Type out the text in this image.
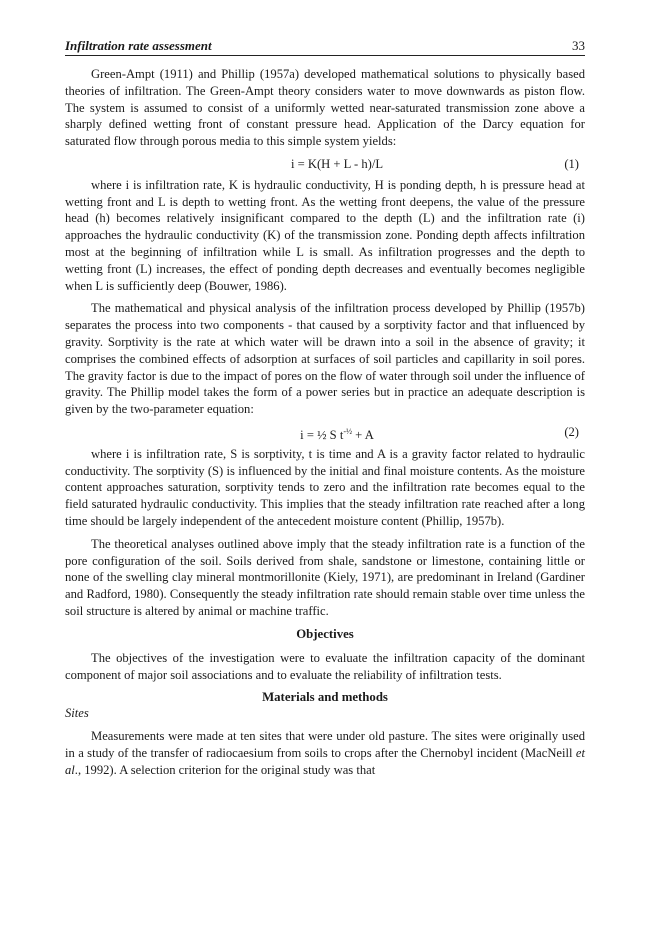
Infiltration rate assessment	33

Green-Ampt (1911) and Phillip (1957a) developed mathematical solutions to physically based theories of infiltration. The Green-Ampt theory considers water to move downwards as piston flow. The system is assumed to consist of a uniformly wetted near-saturated transmission zone above a sharply defined wetting front of constant pressure head. Application of the Darcy equation for saturated flow through porous media to this simple system yields:

i = K(H + L - h)/L	(1)

where i is infiltration rate, K is hydraulic conductivity, H is ponding depth, h is pressure head at wetting front and L is depth to wetting front. As the wetting front deepens, the value of the pressure head (h) becomes relatively insignificant compared to the depth (L) and the infiltration rate (i) approaches the hydraulic conductivity (K) of the transmission zone. Ponding depth affects infiltration most at the beginning of infiltration while L is small. As infiltration progresses and the depth to wetting front (L) increases, the effect of ponding depth decreases and eventually becomes negligible when L is sufficiently deep (Bouwer, 1986).

The mathematical and physical analysis of the infiltration process developed by Phillip (1957b) separates the process into two components - that caused by a sorptivity factor and that influenced by gravity. Sorptivity is the rate at which water will be drawn into a soil in the absence of gravity; it comprises the combined effects of adsorption at surfaces of soil particles and capillarity in soil pores. The gravity factor is due to the impact of pores on the flow of water through soil under the influence of gravity. The Phillip model takes the form of a power series but in practice an adequate description is given by the two-parameter equation:

i = ½ S $t^{-\frac{1}{2}} + A$	(2)

where i is infiltration rate, S is sorptivity, t is time and A is a gravity factor related to hydraulic conductivity. The sorptivity (S) is influenced by the initial and final moisture contents. As the moisture content approaches saturation, sorptivity tends to zero and the infiltration rate becomes equal to the field saturated hydraulic conductivity. This implies that the steady infiltration rate reached after a long time should be largely independent of the antecedent moisture content (Phillip, 1957b).

The theoretical analyses outlined above imply that the steady infiltration rate is a function of the pore configuration of the soil. Soils derived from shale, sandstone or limestone, containing little or none of the swelling clay mineral montmorillonite (Kiely, 1971), are predominant in Ireland (Gardiner and Radford, 1980). Consequently the steady infiltration rate should remain stable over time unless the soil structure is altered by animal or machine traffic.

Objectives

The objectives of the investigation were to evaluate the infiltration capacity of the dominant component of major soil associations and to evaluate the reliability of infiltration tests.

Materials and methods
Sites

Measurements were made at ten sites that were under old pasture. The sites were originally used in a study of the transfer of radiocaesium from soils to crops after the Chernobyl incident (MacNeill et al., 1992). A selection criterion for the original study was that
